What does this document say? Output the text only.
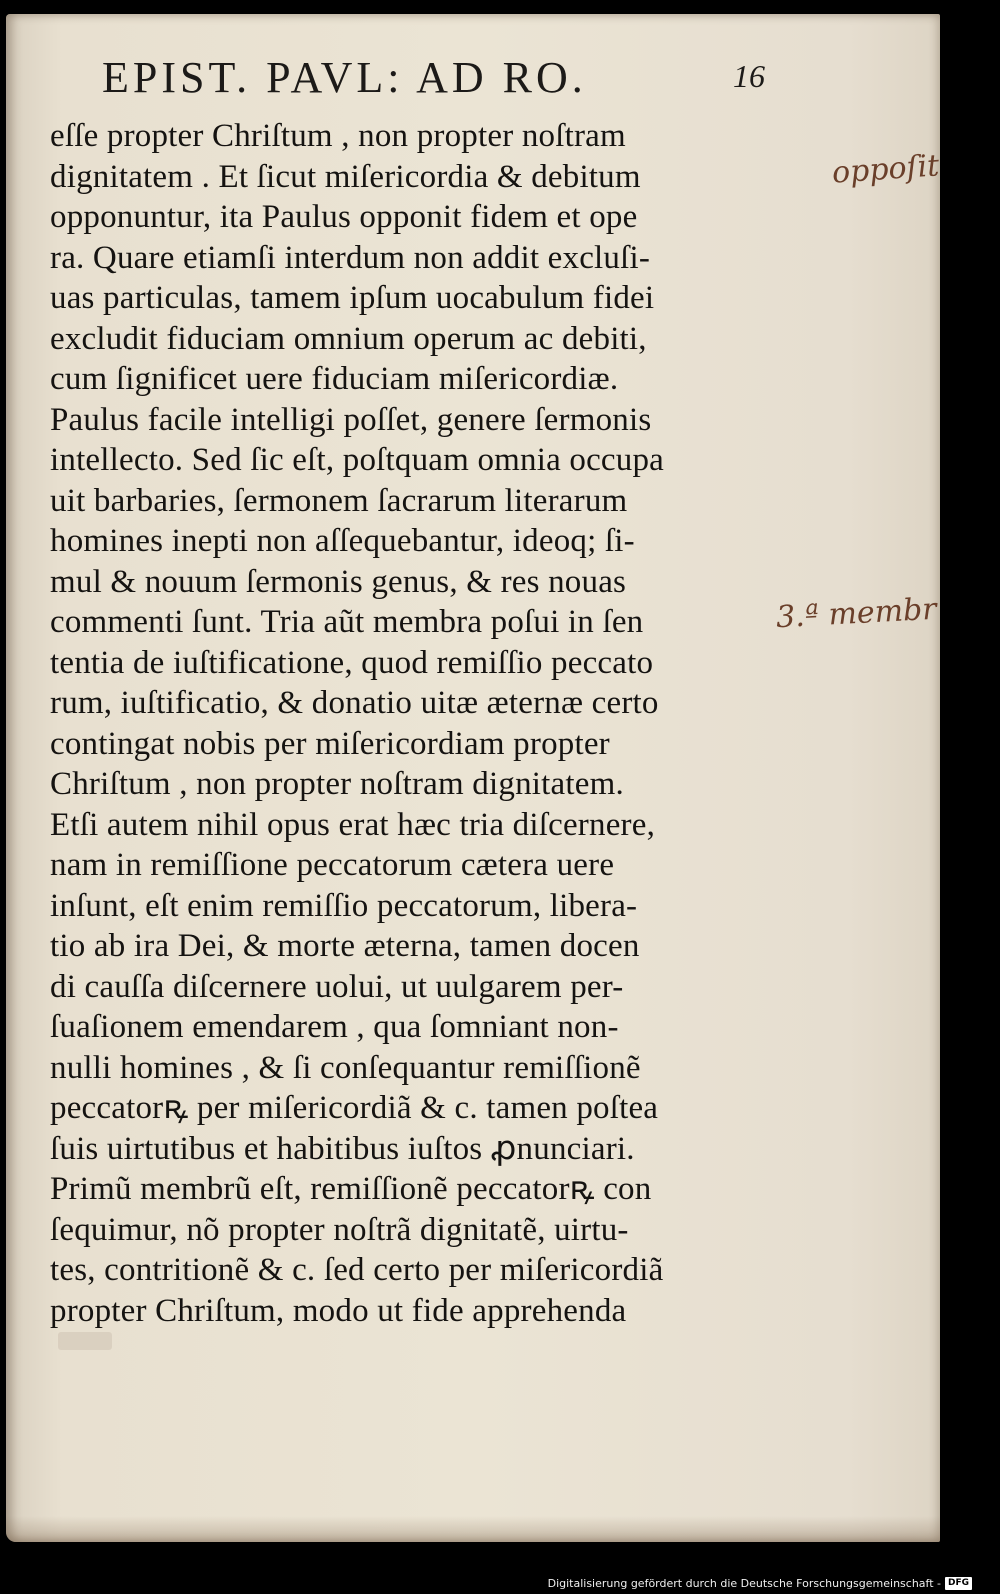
EPIST. PAVL: AD RO.	16
eſſe propter Chriſtum , non propter noſtram
dignitatem . Et ſicut miſericordia & debitum
opponuntur, ita Paulus opponit fidem et ope
ra. Quare etiamſi interdum non addit excluſi-
uas particulas, tamem ipſum uocabulum fidei
excludit fiduciam omnium operum ac debiti,
cum ſignificet uere fiduciam miſericordiæ.
Paulus facile intelligi poſſet, genere ſermonis
intellecto. Sed ſic eſt, poſtquam omnia occupa
uit barbaries, ſermonem ſacrarum literarum
homines inepti non aſſequebantur, ideoq; ſi-
mul & nouum ſermonis genus, & res nouas
commenti ſunt. Tria aũt membra poſui in ſen
tentia de iuſtificatione, quod remiſſio peccato
rum, iuſtificatio, & donatio uitæ æternæ certo
contingat nobis per miſericordiam propter
Chriſtum , non propter noſtram dignitatem.
Etſi autem nihil opus erat hæc tria diſcernere,
nam in remiſſione peccatorum cætera uere
inſunt, eſt enim remiſſio peccatorum, libera-
tio ab ira Dei, & morte æterna, tamen docen
di cauſſa diſcernere uolui, ut uulgarem per-
ſuaſionem emendarem , qua ſomniant non-
nulli homines , & ſi conſequantur remiſſionẽ
peccatorꝶ per miſericordiã & c. tamen poſtea
ſuis uirtutibus et habitibus iuſtos ꝓnunciari.
Primũ membrũ eſt, remiſſionẽ peccatorꝶ con
ſequimur, nõ propter noſtrã dignitatẽ, uirtu-
tes, contritionẽ & c. ſed certo per miſericordiã
propter Chriſtum, modo ut fide apprehenda
oppoſit
3.ª membr
Digitalisierung gefördert durch die Deutsche Forschungsgemeinschaft - DFG
